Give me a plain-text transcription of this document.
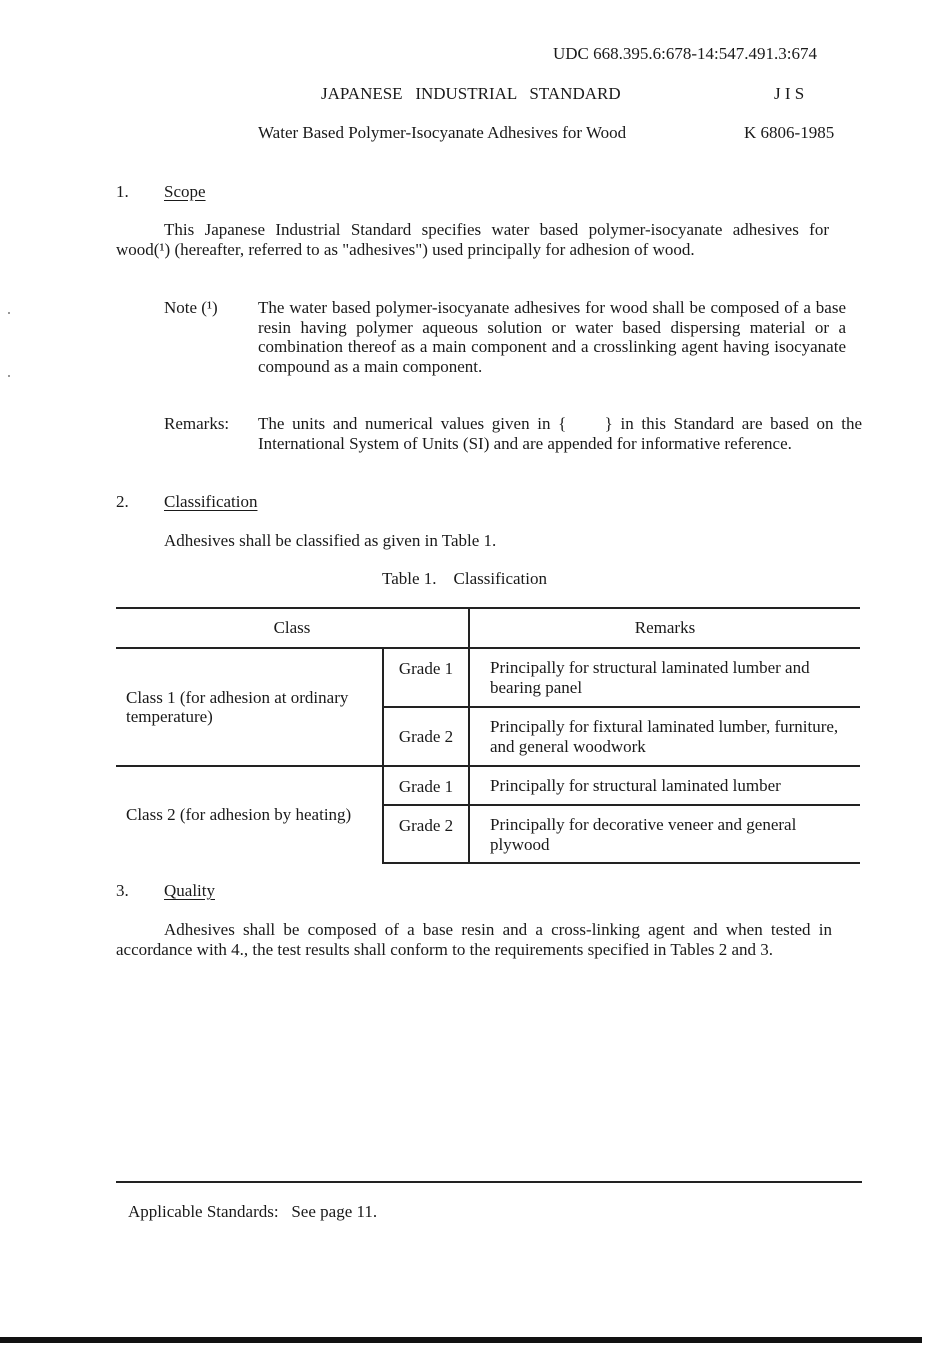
UDC 668.395.6:678-14:547.491.3:674
JAPANESE   INDUSTRIAL   STANDARD	J I S
Water Based Polymer-Isocyanate Adhesives for Wood	K 6806-1985
1. Scope
This Japanese Industrial Standard specifies water based polymer-isocyanate adhesives for wood(¹) (hereafter, referred to as "adhesives") used principally for adhesion of wood.
Note (¹) The water based polymer-isocyanate adhesives for wood shall be composed of a base resin having polymer aqueous solution or water based dispersing material or a combination thereof as a main component and a crosslinking agent having isocyanate compound as a main component.
Remarks: The units and numerical values given in {     } in this Standard are based on the International System of Units (SI) and are appended for informative reference.
2. Classification
Adhesives shall be classified as given in Table 1.
Table 1.    Classification
Class		Remarks
Class 1 (for adhesion at ordinary temperature)	Grade 1	Principally for structural laminated lumber and bearing panel
	Grade 2	Principally for fixtural laminated lumber, furniture, and general woodwork
Class 2 (for adhesion by heating)	Grade 1	Principally for structural laminated lumber
	Grade 2	Principally for decorative veneer and general plywood
3. Quality
Adhesives shall be composed of a base resin and a cross-linking agent and when tested in accordance with 4., the test results shall conform to the requirements specified in Tables 2 and 3.
Applicable Standards:   See page 11.
